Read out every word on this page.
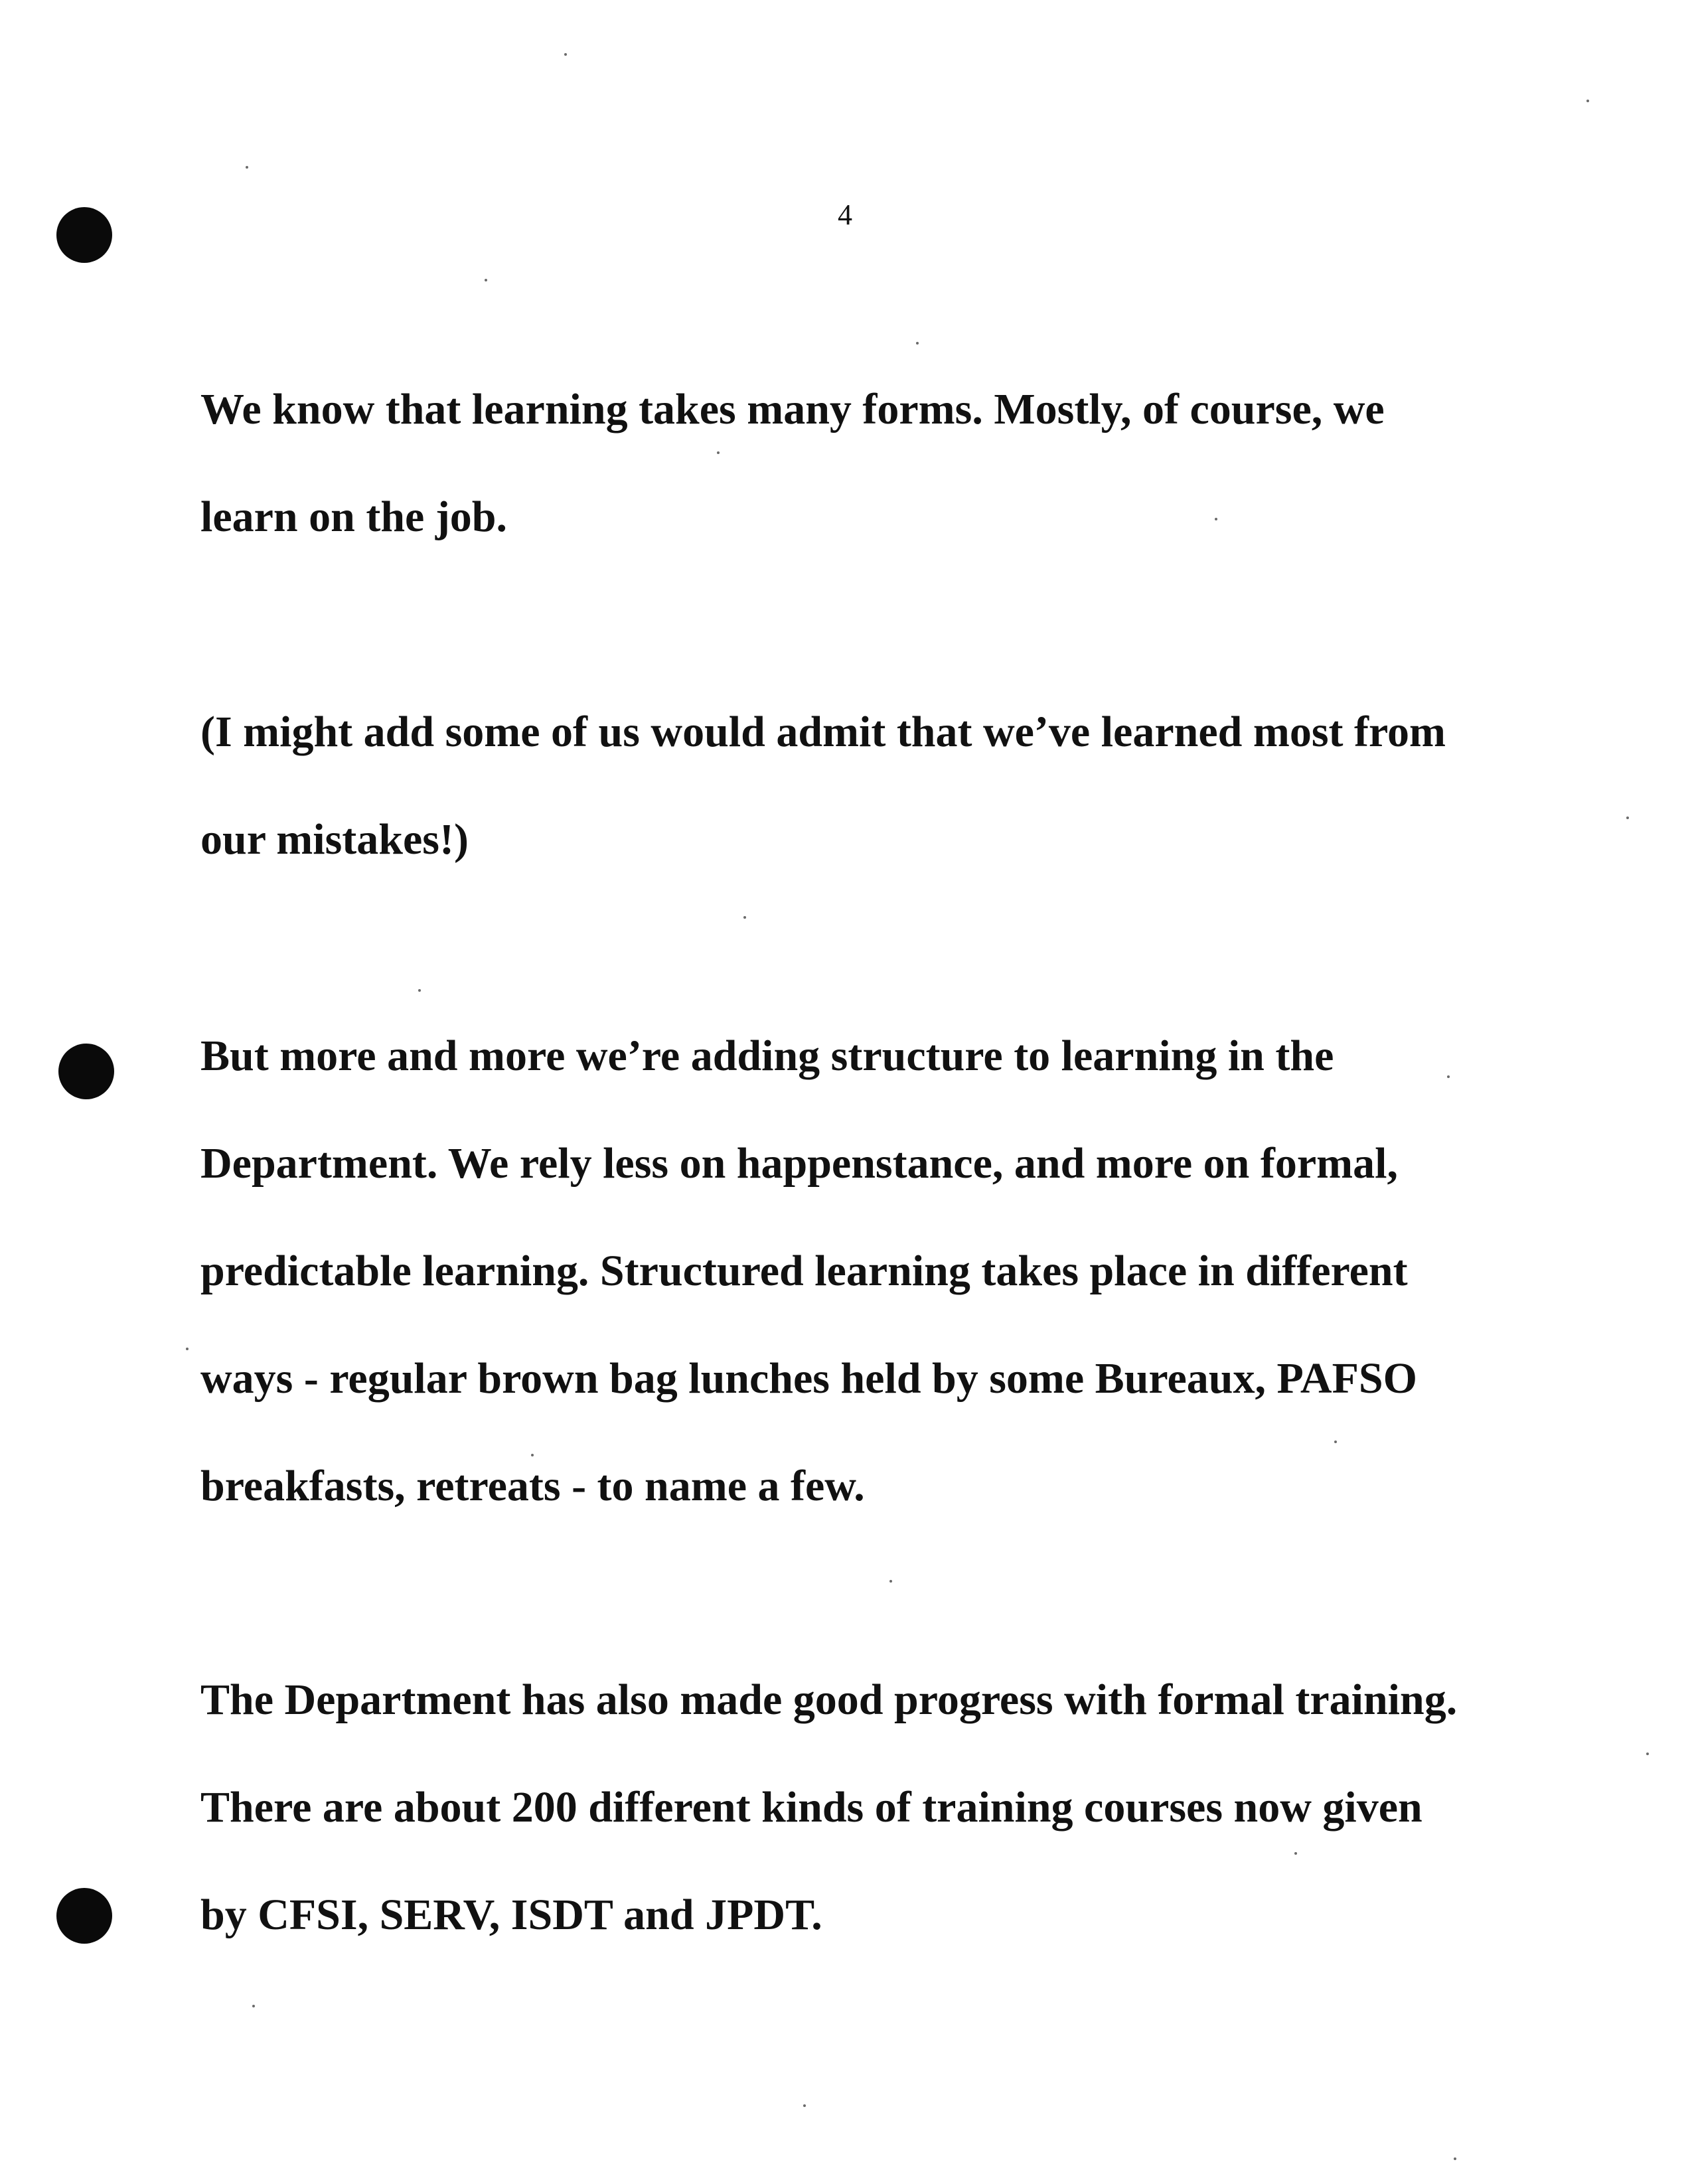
4
We know that learning takes many forms. Mostly, of course, we
learn on the job.
(I might add some of us would admit that we’ve learned most from
our mistakes!)
But more and more we’re adding structure to learning in the
Department. We rely less on happenstance, and more on formal,
predictable learning. Structured learning takes place in different
ways - regular brown bag lunches held by some Bureaux, PAFSO
breakfasts, retreats - to name a few.
The Department has also made good progress with formal training.
There are about 200 different kinds of training courses now given
by CFSI, SERV, ISDT and JPDT.
